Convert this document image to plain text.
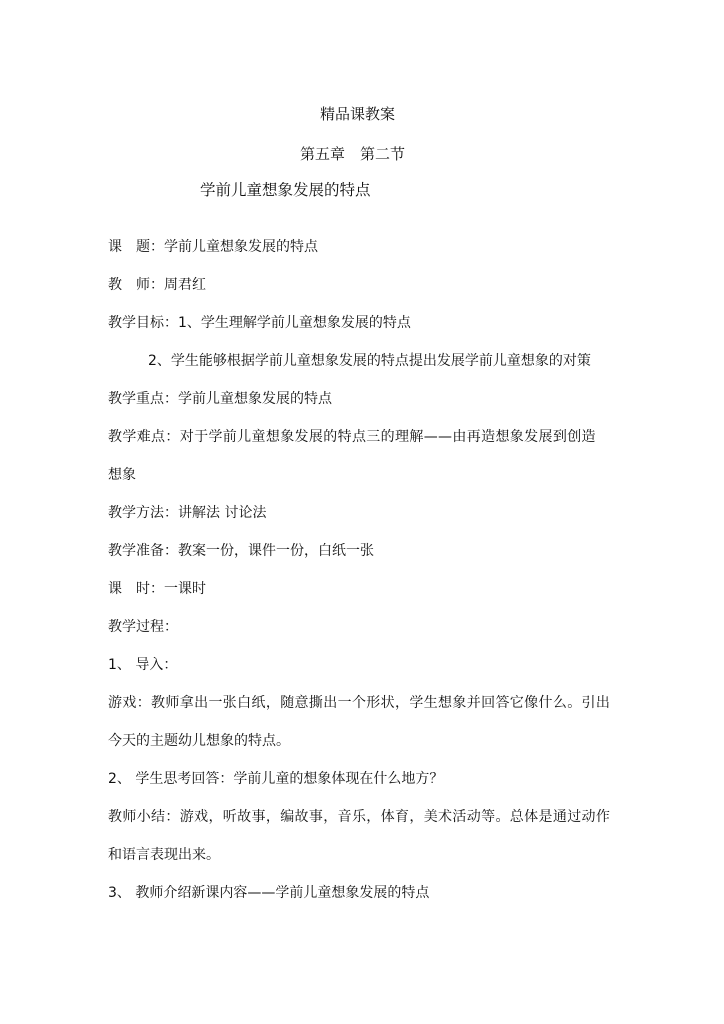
精品课教案
第五章　第二节
学前儿童想象发展的特点
课　题：学前儿童想象发展的特点
教　师：周君红
教学目标：1、学生理解学前儿童想象发展的特点
2、学生能够根据学前儿童想象发展的特点提出发展学前儿童想象的对策
教学重点：学前儿童想象发展的特点
教学难点：对于学前儿童想象发展的特点三的理解——由再造想象发展到创造
想象
教学方法：讲解法 讨论法
教学准备：教案一份，课件一份，白纸一张
课　时：一课时
教学过程：
1、 导入：
游戏：教师拿出一张白纸，随意撕出一个形状，学生想象并回答它像什么。引出
今天的主题幼儿想象的特点。
2、 学生思考回答：学前儿童的想象体现在什么地方？
教师小结：游戏，听故事，编故事，音乐，体育，美术活动等。总体是通过动作
和语言表现出来。
3、 教师介绍新课内容——学前儿童想象发展的特点
